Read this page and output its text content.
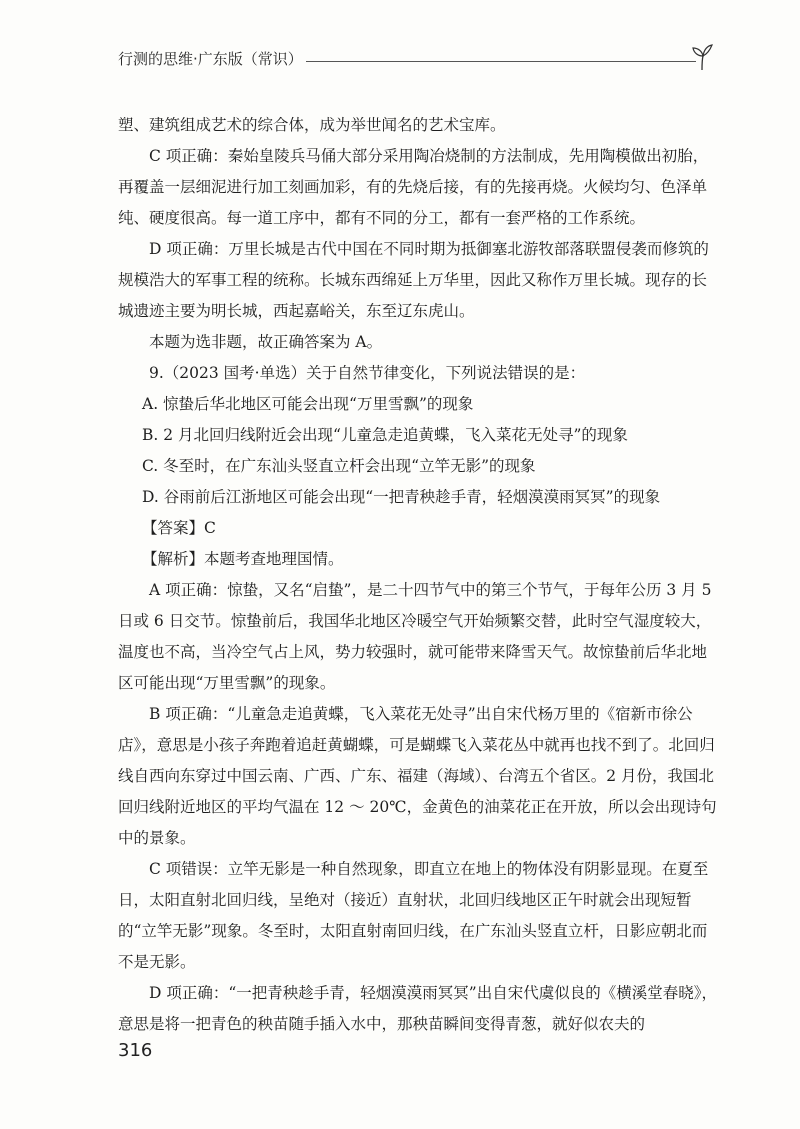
行测的思维·广东版（常识）

塑、建筑组成艺术的综合体，成为举世闻名的艺术宝库。

C 项正确：秦始皇陵兵马俑大部分采用陶冶烧制的方法制成，先用陶模做出初胎，再覆盖一层细泥进行加工刻画加彩，有的先烧后接，有的先接再烧。火候均匀、色泽单纯、硬度很高。每一道工序中，都有不同的分工，都有一套严格的工作系统。

D 项正确：万里长城是古代中国在不同时期为抵御塞北游牧部落联盟侵袭而修筑的规模浩大的军事工程的统称。长城东西绵延上万华里，因此又称作万里长城。现存的长城遗迹主要为明长城，西起嘉峪关，东至辽东虎山。

本题为选非题，故正确答案为 A。

9.（2023 国考·单选）关于自然节律变化，下列说法错误的是：

A. 惊蛰后华北地区可能会出现“万里雪飘”的现象

B. 2 月北回归线附近会出现“儿童急走追黄蝶，飞入菜花无处寻”的现象

C. 冬至时，在广东汕头竖直立杆会出现“立竿无影”的现象

D. 谷雨前后江浙地区可能会出现“一把青秧趁手青，轻烟漠漠雨冥冥”的现象

【答案】C

【解析】本题考查地理国情。

A 项正确：惊蛰，又名“启蛰”，是二十四节气中的第三个节气，于每年公历 3 月 5 日或 6 日交节。惊蛰前后，我国华北地区冷暖空气开始频繁交替，此时空气湿度较大，温度也不高，当冷空气占上风，势力较强时，就可能带来降雪天气。故惊蛰前后华北地区可能出现“万里雪飘”的现象。

B 项正确：“儿童急走追黄蝶，飞入菜花无处寻”出自宋代杨万里的《宿新市徐公店》，意思是小孩子奔跑着追赶黄蝴蝶，可是蝴蝶飞入菜花丛中就再也找不到了。北回归线自西向东穿过中国云南、广西、广东、福建（海域）、台湾五个省区。2 月份，我国北回归线附近地区的平均气温在 12 ～ 20℃，金黄色的油菜花正在开放，所以会出现诗句中的景象。

C 项错误：立竿无影是一种自然现象，即直立在地上的物体没有阴影显现。在夏至日，太阳直射北回归线，呈绝对（接近）直射状，北回归线地区正午时就会出现短暂的“立竿无影”现象。冬至时，太阳直射南回归线，在广东汕头竖直立杆，日影应朝北而不是无影。

D 项正确：“一把青秧趁手青，轻烟漠漠雨冥冥”出自宋代虞似良的《横溪堂春晓》，意思是将一把青色的秧苗随手插入水中，那秧苗瞬间变得青葱，就好似农夫的

316
